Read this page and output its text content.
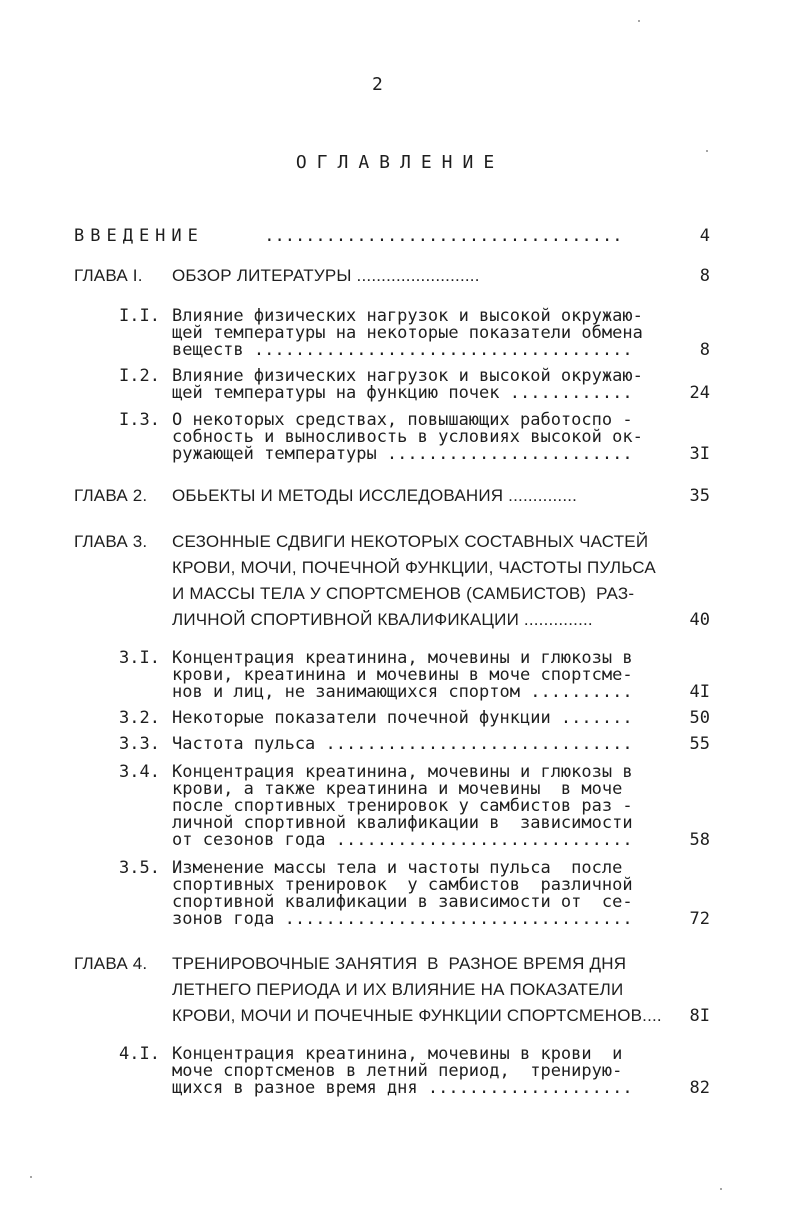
2
ОГЛАВЛЕНИЕ
ВВЕДЕНИЕ	...................................	4
ГЛАВА I. ОБЗОР ЛИТЕРАТУРЫ .........................	8
I.I. Влияние физических нагрузок и высокой окружаю-
щей температуры на некоторые показатели обмена
веществ .....................................	8
I.2. Влияние физических нагрузок и высокой окружаю-
щей температуры на функцию почек ............	24
I.3. О некоторых средствах, повышающих работоспо -
собность и выносливость в условиях высокой ок-
ружающей температуры ........................	3I
ГЛАВА 2. ОБЬЕКТЫ И МЕТОДЫ ИССЛЕДОВАНИЯ ..............	35
ГЛАВА 3. СЕЗОННЫЕ СДВИГИ НЕКОТОРЫХ СОСТАВНЫХ ЧАСТЕЙ
КРОВИ, МОЧИ, ПОЧЕЧНОЙ ФУНКЦИИ, ЧАСТОТЫ ПУЛЬСА
И МАССЫ ТЕЛА У СПОРТСМЕНОВ (САМБИСТОВ)  РАЗ-
ЛИЧНОЙ СПОРТИВНОЙ КВАЛИФИКАЦИИ ..............	40
3.I. Концентрация креатинина, мочевины и глюкозы в
крови, креатинина и мочевины в моче спортсме-
нов и лиц, не занимающихся спортом ..........	4I
3.2. Некоторые показатели почечной функции .......	50
3.3. Частота пульса ..............................	55
3.4. Концентрация креатинина, мочевины и глюкозы в
крови, а также креатинина и мочевины  в моче
после спортивных тренировок у самбистов раз -
личной спортивной квалификации в  зависимости
от сезонов года .............................	58
3.5. Изменение массы тела и частоты пульса  после
спортивных тренировок  у самбистов  различной
спортивной квалификации в зависимости от  се-
зонов года ..................................	72
ГЛАВА 4. ТРЕНИРОВОЧНЫЕ ЗАНЯТИЯ  В  РАЗНОЕ ВРЕМЯ ДНЯ
ЛЕТНЕГО ПЕРИОДА И ИХ ВЛИЯНИЕ НА ПОКАЗАТЕЛИ
КРОВИ, МОЧИ И ПОЧЕЧНЫЕ ФУНКЦИИ СПОРТСМЕНОВ.... 8I
4.I. Концентрация креатинина, мочевины в крови  и
моче спортсменов в летний период,  тренирую-
щихся в разное время дня ....................	82
